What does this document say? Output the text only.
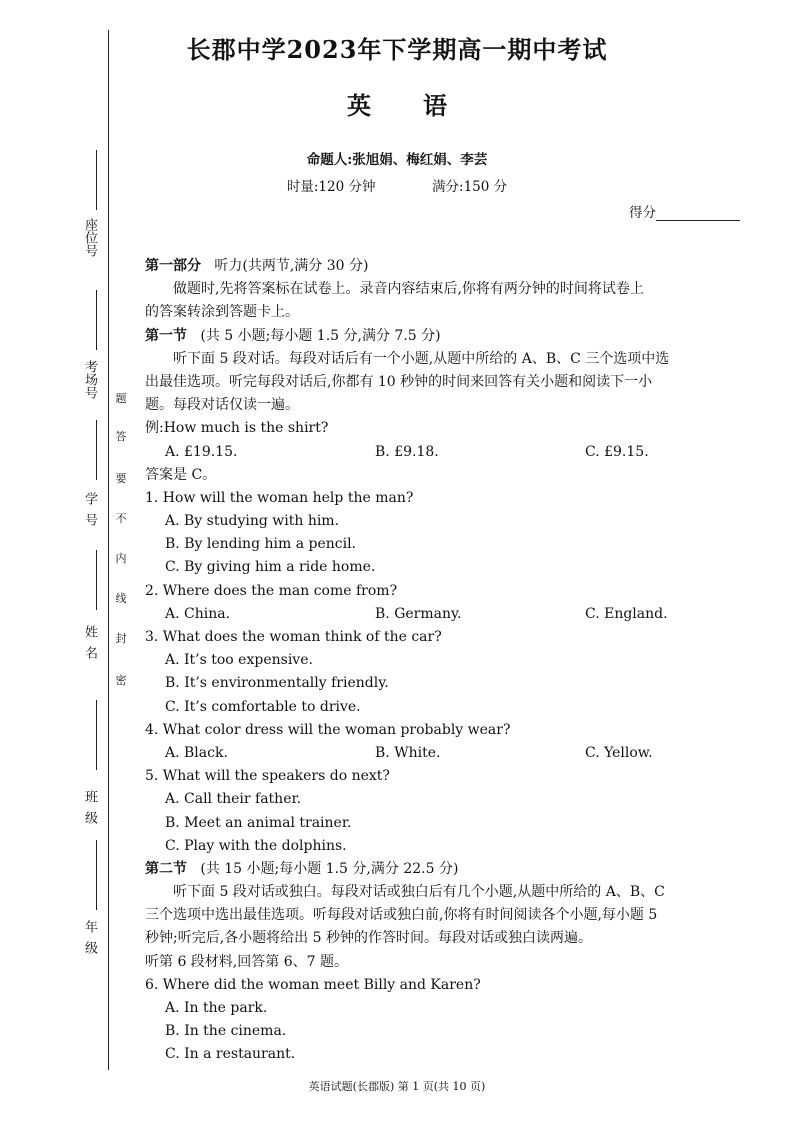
座位号
考场号
学号
姓名
班级
年级
题
答
要
不
内
线
封
密
长郡中学2023年下学期高一期中考试
英语
命题人:张旭娟、梅红娟、李芸
时量:120 分钟	满分:150 分
得分
第一部分 听力(共两节,满分 30 分)
做题时,先将答案标在试卷上。录音内容结束后,你将有两分钟的时间将试卷上
的答案转涂到答题卡上。
第一节 (共 5 小题;每小题 1.5 分,满分 7.5 分)
听下面 5 段对话。每段对话后有一个小题,从题中所给的 A、B、C 三个选项中选
出最佳选项。听完每段对话后,你都有 10 秒钟的时间来回答有关小题和阅读下一小
题。每段对话仅读一遍。
例:How much is the shirt?
A. £19.15.	B. £9.18.	C. £9.15.
答案是 C。
1. How will the woman help the man?
A. By studying with him.
B. By lending him a pencil.
C. By giving him a ride home.
2. Where does the man come from?
A. China.	B. Germany.	C. England.
3. What does the woman think of the car?
A. It’s too expensive.
B. It’s environmentally friendly.
C. It’s comfortable to drive.
4. What color dress will the woman probably wear?
A. Black.	B. White.	C. Yellow.
5. What will the speakers do next?
A. Call their father.
B. Meet an animal trainer.
C. Play with the dolphins.
第二节 (共 15 小题;每小题 1.5 分,满分 22.5 分)
听下面 5 段对话或独白。每段对话或独白后有几个小题,从题中所给的 A、B、C
三个选项中选出最佳选项。听每段对话或独白前,你将有时间阅读各个小题,每小题 5
秒钟;听完后,各小题将给出 5 秒钟的作答时间。每段对话或独白读两遍。
听第 6 段材料,回答第 6、7 题。
6. Where did the woman meet Billy and Karen?
A. In the park.
B. In the cinema.
C. In a restaurant.
英语试题(长郡版) 第 1 页(共 10 页)
